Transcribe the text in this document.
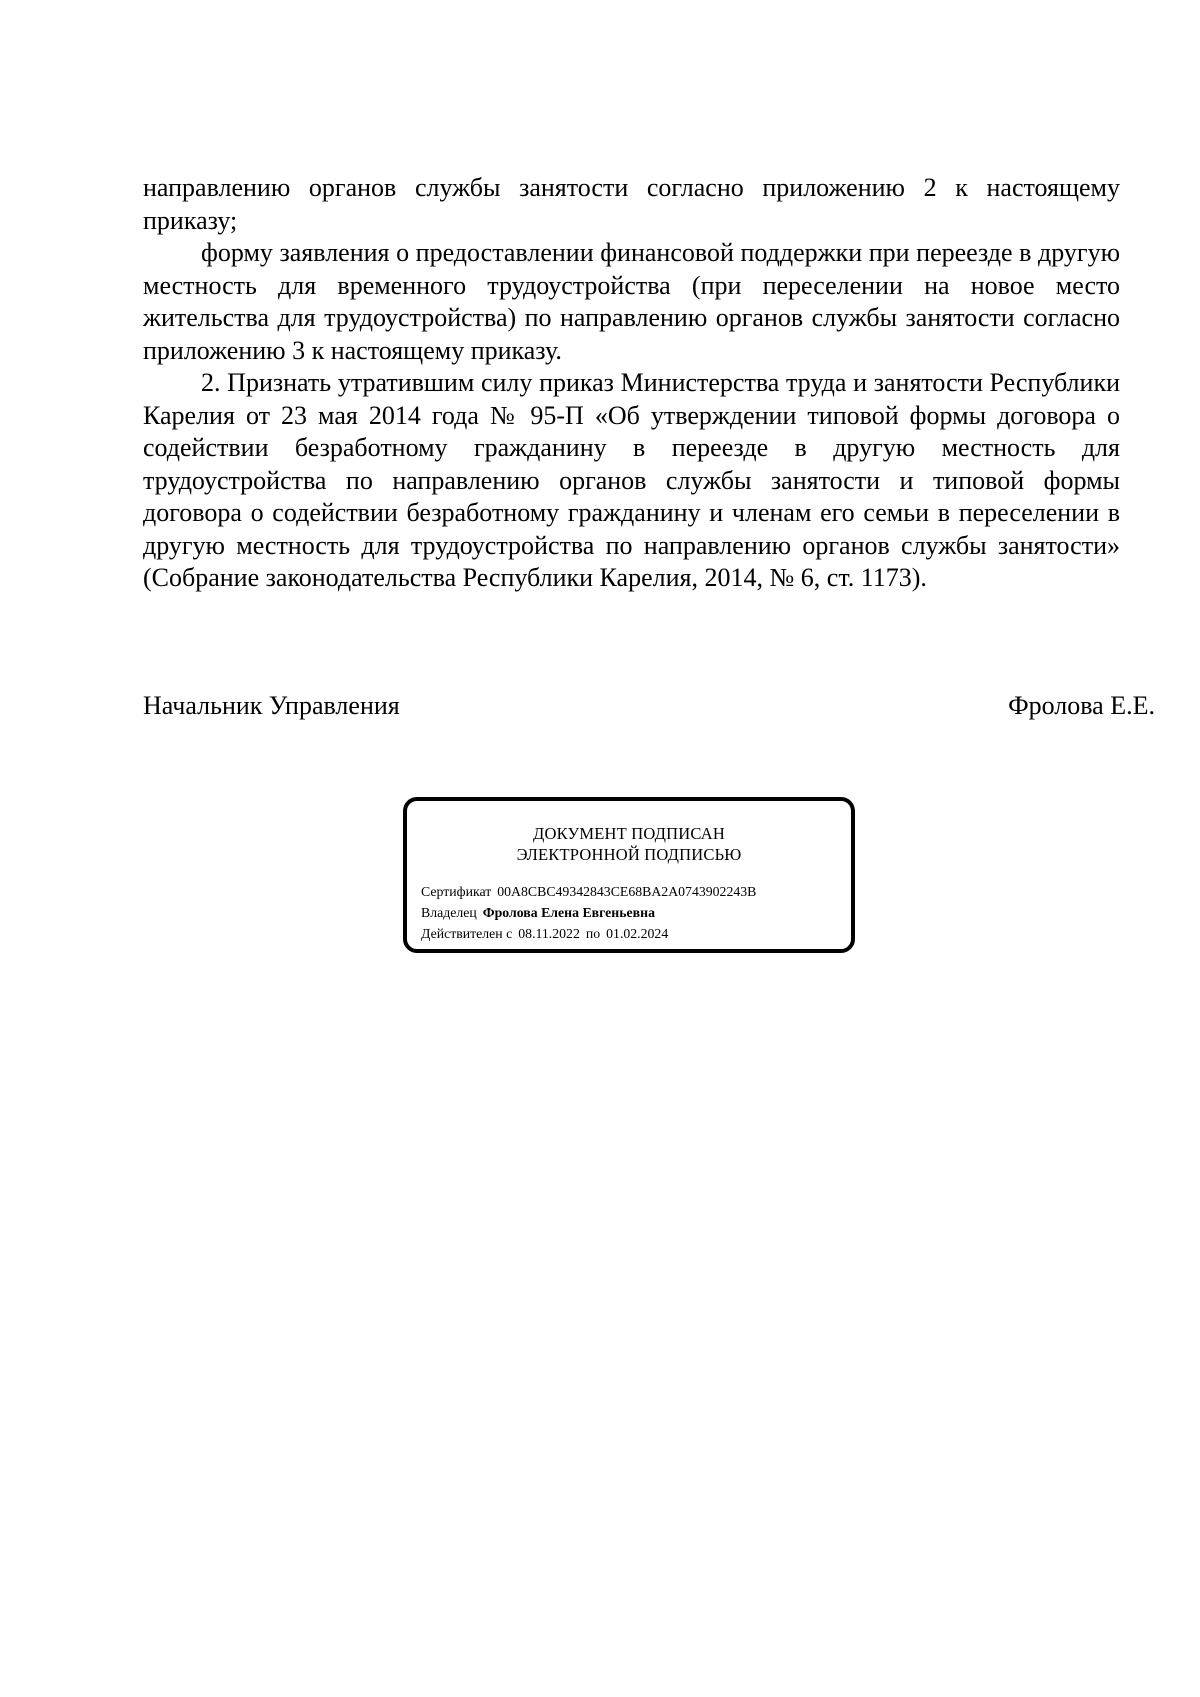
направлению органов службы занятости согласно приложению 2 к настоящему приказу;

форму заявления о предоставлении финансовой поддержки при переезде в другую местность для временного трудоустройства (при переселении на новое место жительства для трудоустройства) по направлению органов службы занятости согласно приложению 3 к настоящему приказу.

2. Признать утратившим силу приказ Министерства труда и занятости Республики Карелия от 23 мая 2014 года № 95-П «Об утверждении типовой формы договора о содействии безработному гражданину в переезде в другую местность для трудоустройства по направлению органов службы занятости и типовой формы договора о содействии безработному гражданину и членам его семьи в переселении в другую местность для трудоустройства по направлению органов службы занятости» (Собрание законодательства Республики Карелия, 2014, № 6, ст. 1173).

Начальник Управления	Фролова Е.Е.
ДОКУМЕНТ ПОДПИСАН
ЭЛЕКТРОННОЙ ПОДПИСЬЮ
Сертификат 00A8CBC49342843CE68BA2A0743902243B
Владелец Фролова Елена Евгеньевна
Действителен с 08.11.2022 по 01.02.2024
